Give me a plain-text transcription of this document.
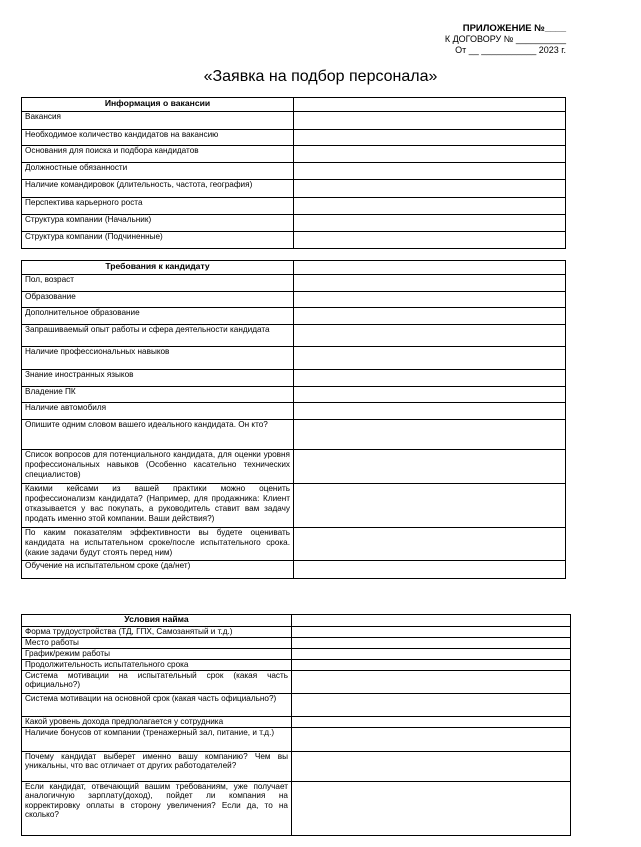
ПРИЛОЖЕНИЕ №____
К ДОГОВОРУ № __________
От __ ___________ 2023 г.
«Заявка на подбор персонала»
Информация о вакансии	
Вакансия	
Необходимое количество кандидатов на вакансию	
Основания для поиска и подбора кандидатов	
Должностные обязанности	
Наличие командировок (длительность, частота, география)	
Перспектива карьерного роста	
Структура компании (Начальник)	
Структура компании (Подчиненные)	
Требования к кандидату	
Пол, возраст	
Образование	
Дополнительное образование	
Запрашиваемый опыт работы и сфера деятельности кандидата	
Наличие профессиональных навыков	
Знание иностранных языков	
Владение ПК	
Наличие автомобиля	
Опишите одним словом вашего идеального кандидата. Он кто?	
Список вопросов для потенциального кандидата, для оценки уровня профессиональных навыков (Особенно касательно технических специалистов)	
Какими кейсами из вашей практики можно оценить профессионализм кандидата? (Например, для продажника: Клиент отказывается у вас покупать, а руководитель ставит вам задачу продать именно этой компании. Ваши действия?)	
По каким показателям эффективности вы будете оценивать кандидата на испытательном сроке/после испытательного срока. (какие задачи будут стоять перед ним)	
Обучение на испытательном сроке (да/нет)	
Условия найма	
Форма трудоустройства (ТД, ГПХ, Самозанятый и т.д.)	
Место работы	
График/режим работы	
Продолжительность испытательного срока	
Система мотивации на испытательный срок (какая часть официально?)	
Система мотивации на основной срок (какая часть официально?)	
Какой уровень дохода предполагается у сотрудника	
Наличие бонусов от компании (тренажерный зал, питание, и т.д.)	
Почему кандидат выберет именно вашу компанию? Чем вы уникальны, что вас отличает от других работодателей?	
Если кандидат, отвечающий вашим требованиям, уже получает аналогичную зарплату(доход), пойдет ли компания на корректировку оплаты в сторону увеличения? Если да, то на сколько?	
